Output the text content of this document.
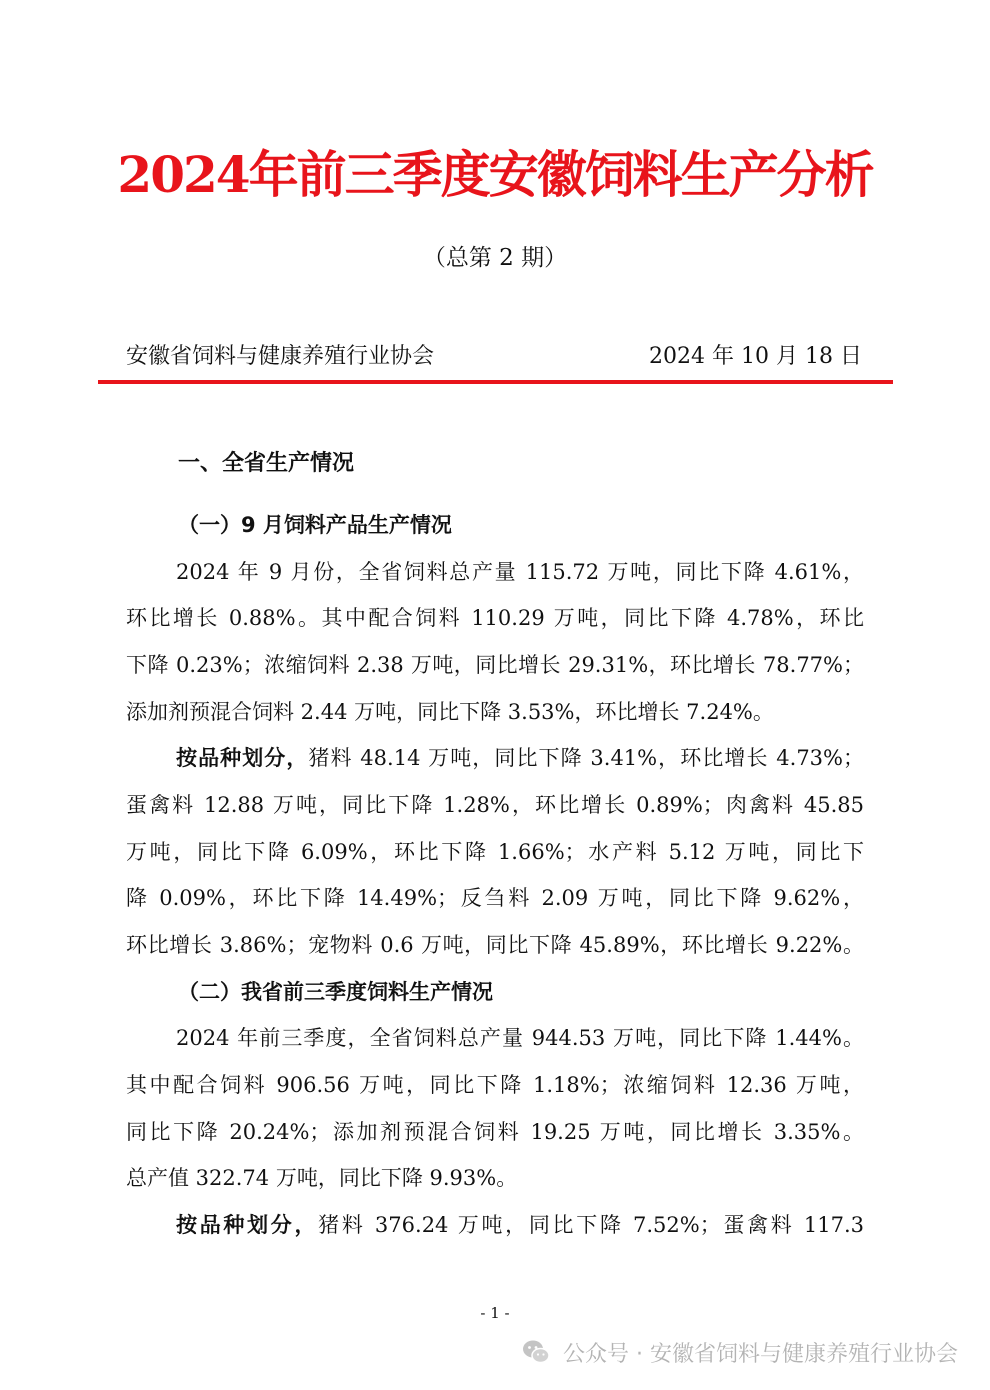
2024年前三季度安徽饲料生产分析
（总第 2 期）
安徽省饲料与健康养殖行业协会	2024 年 10 月 18 日
一、全省生产情况
（一）9 月饲料产品生产情况
2024 年 9 月份，全省饲料总产量 115.72 万吨，同比下降 4.61%，
环比增长 0.88%。其中配合饲料 110.29 万吨，同比下降 4.78%，环比
下降 0.23%；浓缩饲料 2.38 万吨，同比增长 29.31%，环比增长 78.77%；
添加剂预混合饲料 2.44 万吨，同比下降 3.53%，环比增长 7.24%。
按品种划分，猪料 48.14 万吨，同比下降 3.41%，环比增长 4.73%；
蛋禽料 12.88 万吨，同比下降 1.28%，环比增长 0.89%；肉禽料 45.85
万吨，同比下降 6.09%，环比下降 1.66%；水产料 5.12 万吨，同比下
降 0.09%，环比下降 14.49%；反刍料 2.09 万吨，同比下降 9.62%，
环比增长 3.86%；宠物料 0.6 万吨，同比下降 45.89%，环比增长 9.22%。
（二）我省前三季度饲料生产情况
2024 年前三季度，全省饲料总产量 944.53 万吨，同比下降 1.44%。
其中配合饲料 906.56 万吨，同比下降 1.18%；浓缩饲料 12.36 万吨，
同比下降 20.24%；添加剂预混合饲料 19.25 万吨，同比增长 3.35%。
总产值 322.74 万吨，同比下降 9.93%。
按品种划分，猪料 376.24 万吨，同比下降 7.52%；蛋禽料 117.3
- 1 -
公众号 · 安徽省饲料与健康养殖行业协会
